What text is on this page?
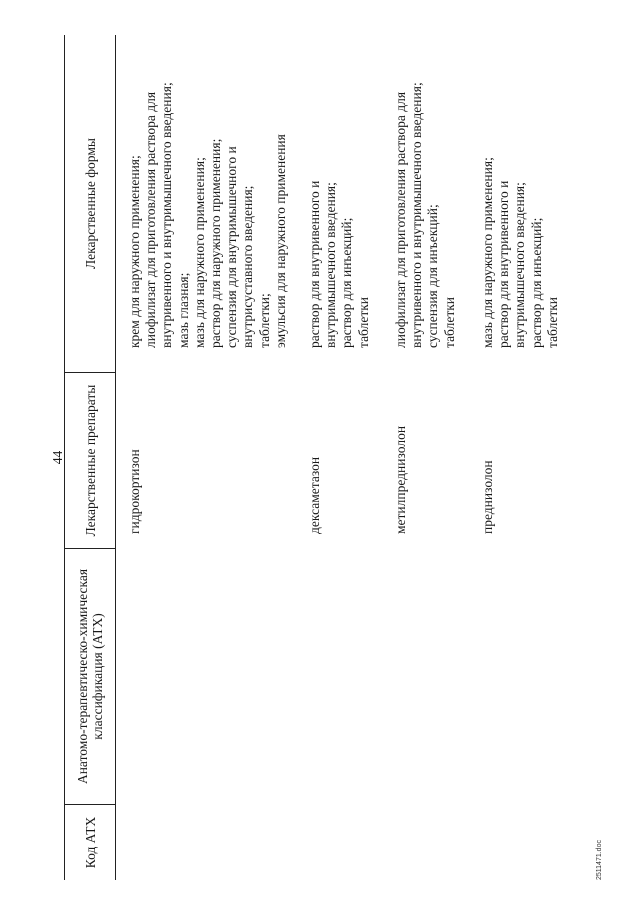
44
Код АТХ
Анатомо-терапевтическо-химическая
классификация (АТХ)
Лекарственные препараты
Лекарственные формы
гидрокортизон
крем для наружного применения; лиофилизат для приготовления раствора для внутривенного и внутримышечного введения; мазь глазная; мазь для наружного применения; раствор для наружного применения; суспензия для внутримышечного и внутрисуставного введения; таблетки; эмульсия для наружного применения
дексаметазон
раствор для внутривенного и внутримышечного введения; раствор для инъекций; таблетки
метилпреднизолон
лиофилизат для приготовления раствора для внутривенного и внутримышечного введения; суспензия для инъекций; таблетки
преднизолон
мазь для наружного применения; раствор для внутривенного и внутримышечного введения; раствор для инъекций; таблетки
2511471.doc
